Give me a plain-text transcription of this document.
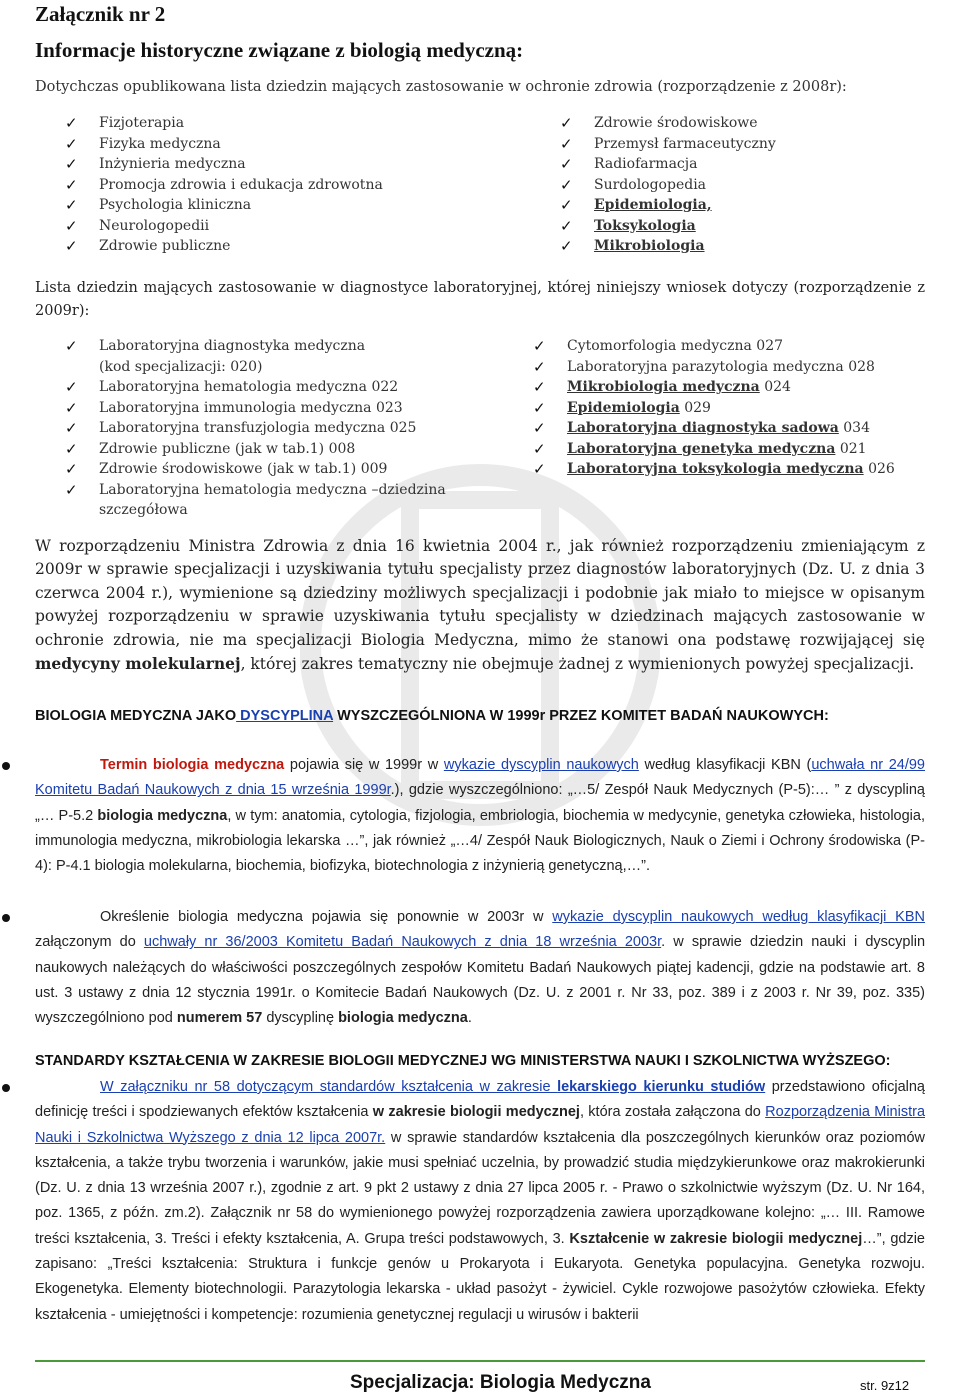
Załącznik nr 2
Informacje historyczne związane z biologią medyczną:
Dotychczas opublikowana lista dziedzin mających zastosowanie w ochronie zdrowia (rozporządzenie z 2008r):
✓ Fizjoterapia
✓ Fizyka medyczna
✓ Inżynieria medyczna
✓ Promocja zdrowia i edukacja zdrowotna
✓ Psychologia kliniczna
✓ Neurologopedii
✓ Zdrowie publiczne
✓ Zdrowie środowiskowe
✓ Przemysł farmaceutyczny
✓ Radiofarmacja
✓ Surdologopedia
✓ Epidemiologia,
✓ Toksykologia
✓ Mikrobiologia
Lista dziedzin mających zastosowanie w diagnostyce laboratoryjnej, której niniejszy wniosek dotyczy (rozporządzenie z 2009r):
✓ Laboratoryjna diagnostyka medyczna (kod specjalizacji: 020)
✓ Laboratoryjna hematologia medyczna 022
✓ Laboratoryjna immunologia medyczna 023
✓ Laboratoryjna transfuzjologia medyczna 025
✓ Zdrowie publiczne (jak w tab.1) 008
✓ Zdrowie środowiskowe (jak w tab.1) 009
✓ Laboratoryjna hematologia medyczna –dziedzina szczegółowa
✓ Cytomorfologia medyczna 027
✓ Laboratoryjna parazytologia medyczna 028
✓ Mikrobiologia medyczna 024
✓ Epidemiologia 029
✓ Laboratoryjna diagnostyka sadowa 034
✓ Laboratoryjna genetyka medyczna 021
✓ Laboratoryjna toksykologia medyczna 026
W rozporządzeniu Ministra Zdrowia z dnia 16 kwietnia 2004 r., jak również rozporządzeniu zmieniającym z 2009r w sprawie specjalizacji i uzyskiwania tytułu specjalisty przez diagnostów laboratoryjnych (Dz. U. z dnia 3 czerwca 2004 r.), wymienione są dziedziny możliwych specjalizacji i podobnie jak miało to miejsce w opisanym powyżej rozporządzeniu w sprawie uzyskiwania tytułu specjalisty w dziedzinach mających zastosowanie w ochronie zdrowia, nie ma specjalizacji Biologia Medyczna, mimo że stanowi ona podstawę rozwijającej się medycyny molekularnej, której zakres tematyczny nie obejmuje żadnej z wymienionych powyżej specjalizacji.
BIOLOGIA MEDYCZNA JAKO DYSCYPLINA WYSZCZEGÓLNIONA W 1999r PRZEZ KOMITET BADAŃ NAUKOWYCH:
Termin biologia medyczna pojawia się w 1999r w wykazie dyscyplin naukowych według klasyfikacji KBN (uchwała nr 24/99 Komitetu Badań Naukowych z dnia 15 września 1999r.), gdzie wyszczególniono: „…5/ Zespół Nauk Medycznych (P-5):… ” z dyscypliną „… P-5.2 biologia medyczna, w tym: anatomia, cytologia, fizjologia, embriologia, biochemia w medycynie, genetyka człowieka, histologia, immunologia medyczna, mikrobiologia lekarska …”, jak również „…4/ Zespół Nauk Biologicznych, Nauk o Ziemi i Ochrony środowiska (P-4): P-4.1 biologia molekularna, biochemia, biofizyka, biotechnologia z inżynierią genetyczną,…”.
Określenie biologia medyczna pojawia się ponownie w 2003r w wykazie dyscyplin naukowych według klasyfikacji KBN załączonym do uchwały nr 36/2003 Komitetu Badań Naukowych z dnia 18 września 2003r. w sprawie dziedzin nauki i dyscyplin naukowych należących do właściwości poszczególnych zespołów Komitetu Badań Naukowych piątej kadencji, gdzie na podstawie art. 8 ust. 3 ustawy z dnia 12 stycznia 1991r. o Komitecie Badań Naukowych (Dz. U. z 2001 r. Nr 33, poz. 389 i z 2003 r. Nr 39, poz. 335) wyszczególniono pod numerem 57 dyscyplinę biologia medyczna.
STANDARDY KSZTAŁCENIA W ZAKRESIE BIOLOGII MEDYCZNEJ WG MINISTERSTWA NAUKI I SZKOLNICTWA WYŻSZEGO:
W załączniku nr 58 dotyczącym standardów kształcenia w zakresie lekarskiego kierunku studiów przedstawiono oficjalną definicję treści i spodziewanych efektów kształcenia w zakresie biologii medycznej, która została załączona do Rozporządzenia Ministra Nauki i Szkolnictwa Wyższego z dnia 12 lipca 2007r. w sprawie standardów kształcenia dla poszczególnych kierunków oraz poziomów kształcenia, a także trybu tworzenia i warunków, jakie musi spełniać uczelnia, by prowadzić studia międzykierunkowe oraz makrokierunki (Dz. U. z dnia 13 września 2007 r.), zgodnie z art. 9 pkt 2 ustawy z dnia 27 lipca 2005 r. - Prawo o szkolnictwie wyższym (Dz. U. Nr 164, poz. 1365, z późn. zm.2). Załącznik nr 58 do wymienionego powyżej rozporządzenia zawiera uporządkowane kolejno: „… III. Ramowe treści kształcenia, 3. Treści i efekty kształcenia, A. Grupa treści podstawowych, 3. Kształcenie w zakresie biologii medycznej…”, gdzie zapisano: „Treści kształcenia: Struktura i funkcje genów u Prokaryota i Eukaryota. Genetyka populacyjna. Genetyka rozwoju. Ekogenetyka. Elementy biotechnologii. Parazytologia lekarska - układ pasożyt - żywiciel. Cykle rozwojowe pasożytów człowieka. Efekty kształcenia - umiejętności i kompetencje: rozumienia genetycznej regulacji u wirusów i bakterii
Specjalizacja: Biologia Medyczna	str. 9z12
